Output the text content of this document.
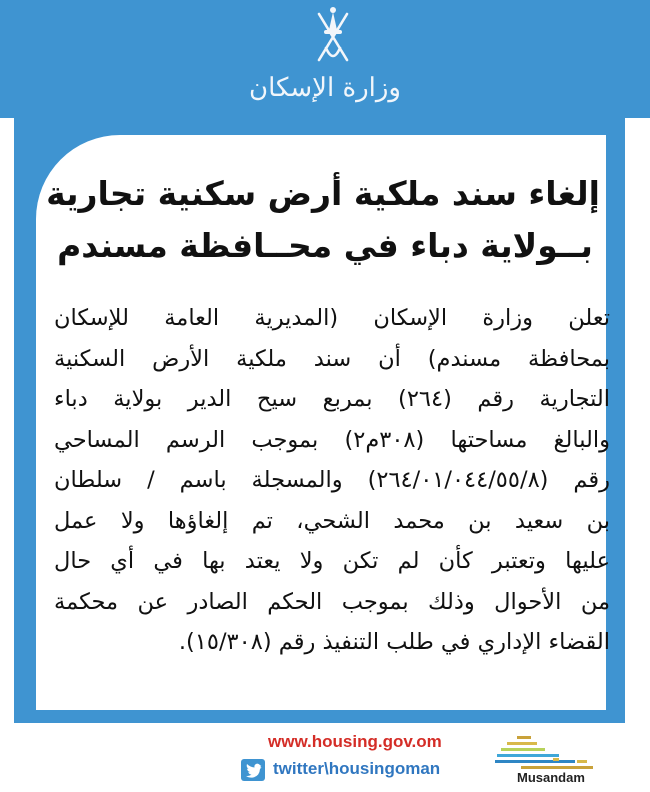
وزارة الإسكان
إلغاء سند ملكية أرض سكنية تجارية
بــولاية دباء في محــافظة مسندم
تعلن وزارة الإسكان (المديرية العامة للإسكان
بمحافظة مسندم) أن سند ملكية الأرض السكنية
التجارية رقم (٢٦٤) بمربع سيح الدير بولاية دباء
والبالغ مساحتها (٣٠٨م٢) بموجب الرسم المساحي
رقم (٢٦٤/٠١/٠٤٤/٥٥/٨) والمسجلة باسم / سلطان
بن سعيد بن محمد الشحي، تم إلغاؤها ولا عمل
عليها وتعتبر كأن لم تكن ولا يعتد بها في أي حال
من الأحوال وذلك بموجب الحكم الصادر عن محكمة
القضاء الإداري في طلب التنفيذ رقم (١٥/٣٠٨).
www.housing.gov.om
twitter\housingoman	Musandam
